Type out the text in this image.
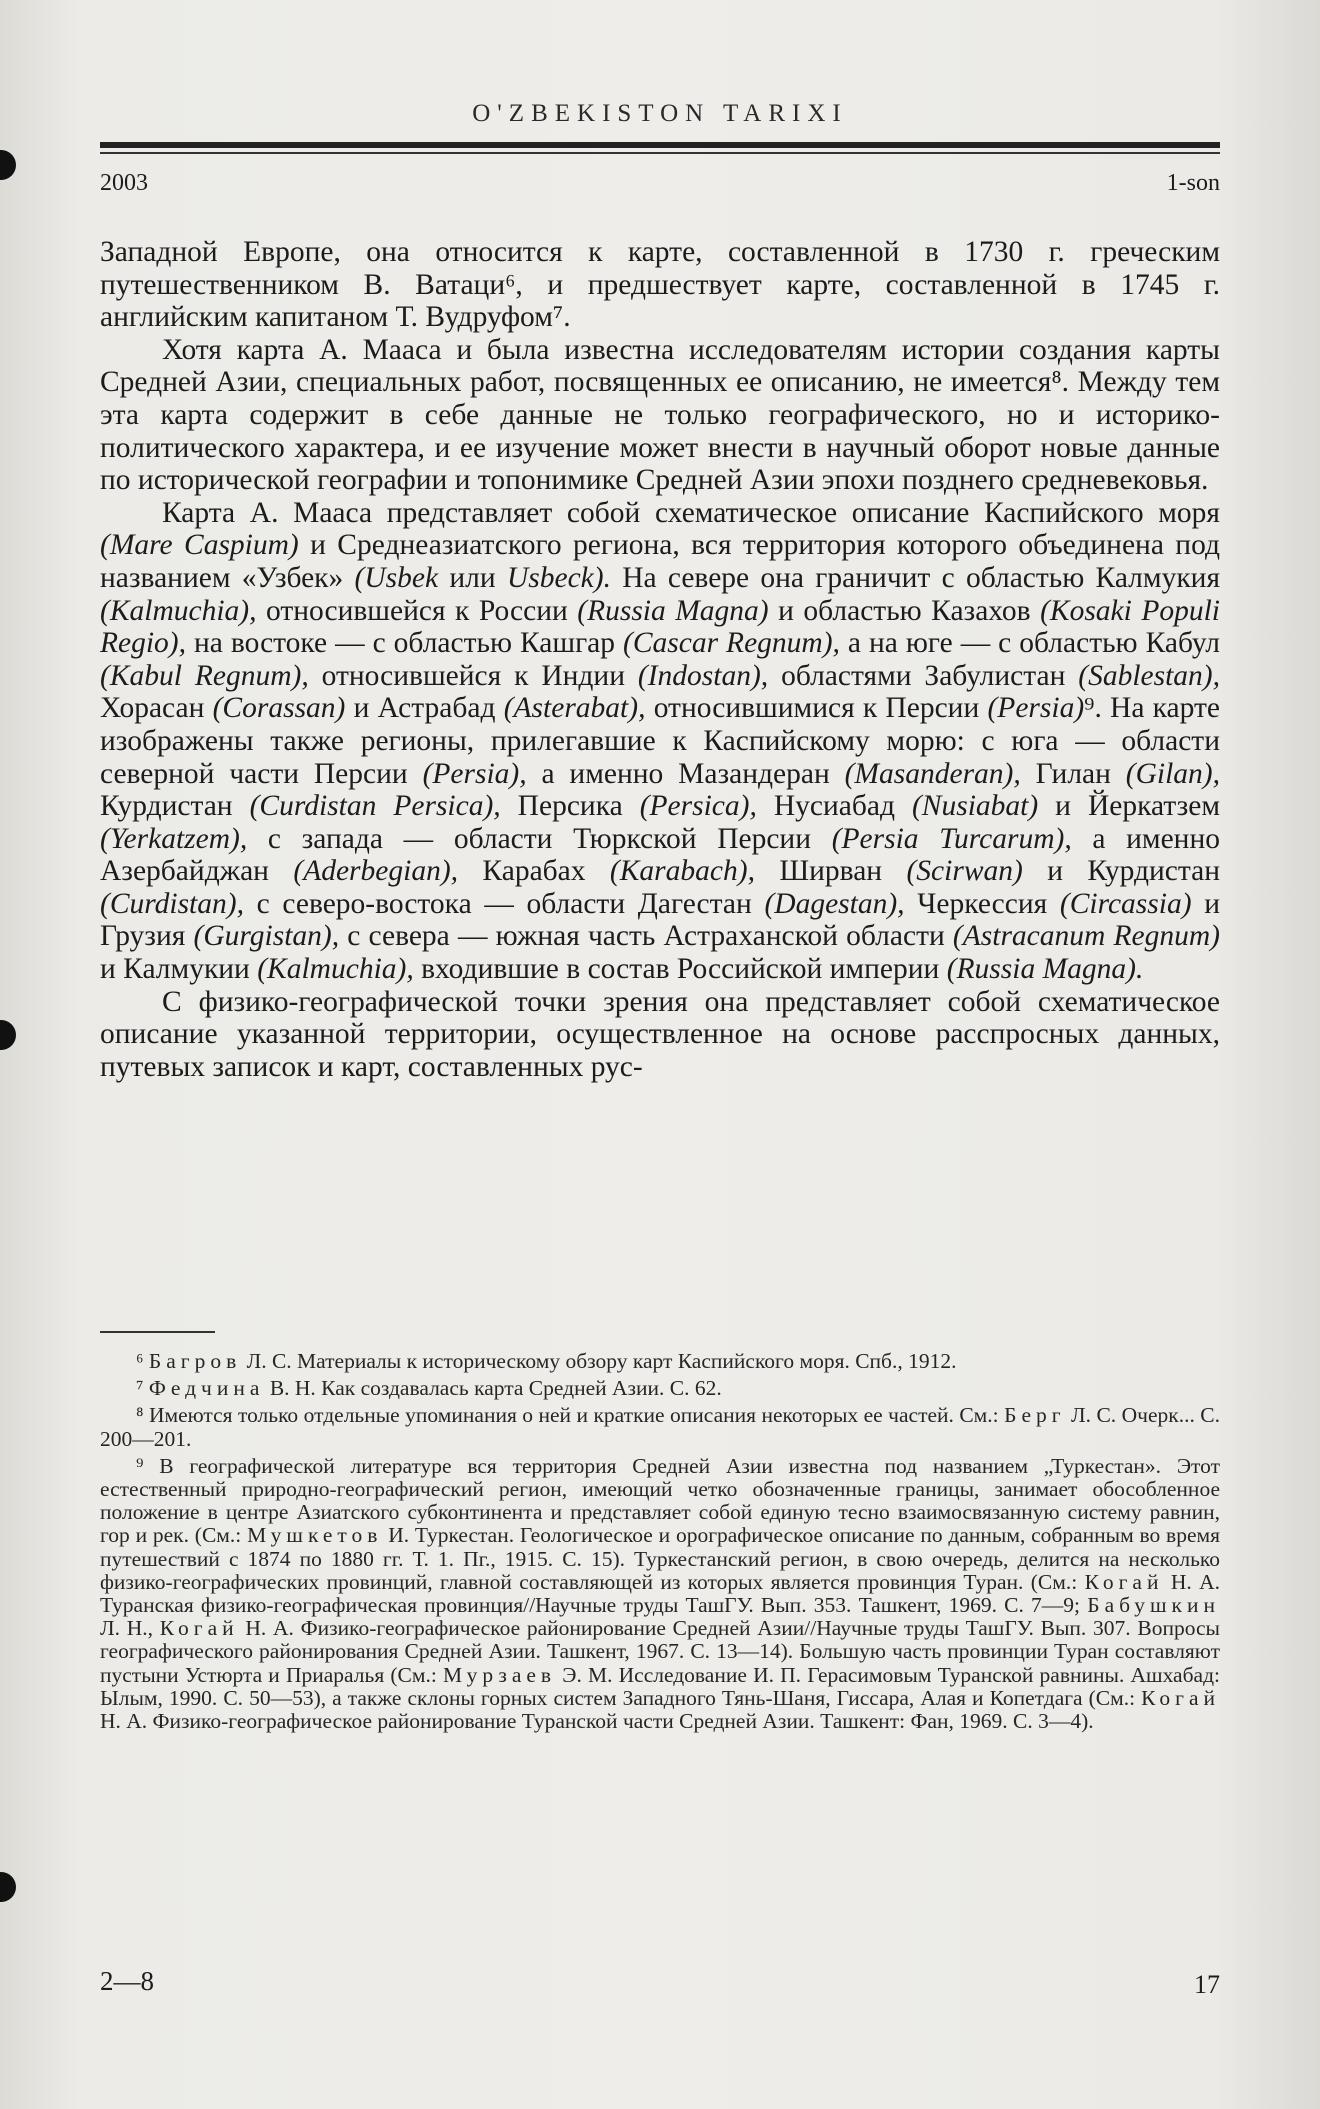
O'ZBEKISTON TARIXI
2003	1-son

Западной Европе, она относится к карте, составленной в 1730 г. греческим путешественником В. Ватаци⁶, и предшествует карте, составленной в 1745 г. английским капитаном Т. Вудруфом⁷.

Хотя карта А. Мааса и была известна исследователям истории создания карты Средней Азии, специальных работ, посвященных ее описанию, не имеется⁸. Между тем эта карта содержит в себе данные не только географического, но и историко-политического характера, и ее изучение может внести в научный оборот новые данные по исторической географии и топонимике Средней Азии эпохи позднего средневековья.

Карта А. Мааса представляет собой схематическое описание Каспийского моря (Mare Caspium) и Среднеазиатского региона, вся территория которого объединена под названием «Узбек» (Usbek или Usbeck). На севере она граничит с областью Калмукия (Kalmuchia), относившейся к России (Russia Magna) и областью Казахов (Kosaki Populi Regio), на востоке — с областью Кашгар (Cascar Regnum), а на юге — с областью Кабул (Kabul Regnum), относившейся к Индии (Indostan), областями Забулистан (Sablestan), Хорасан (Corassan) и Астрабад (Asterabat), относившимися к Персии (Persia)⁹. На карте изображены также регионы, прилегавшие к Каспийскому морю: с юга — области северной части Персии (Persia), а именно Мазандеран (Masanderan), Гилан (Gilan), Курдистан (Curdistan Persica), Персика (Persica), Нусиабад (Nusiabat) и Йеркатзем (Yerkatzem), с запада — области Тюркской Персии (Persia Turcarum), а именно Азербайджан (Aderbegian), Карабах (Karabach), Ширван (Scirwan) и Курдистан (Curdistan), с северо-востока — области Дагестан (Dagestan), Черкессия (Circassia) и Грузия (Gurgistan), с севера — южная часть Астраханской области (Astracanum Regnum) и Калмукии (Kalmuchia), входившие в состав Российской империи (Russia Magna).

С физико-географической точки зрения она представляет собой схематическое описание указанной территории, осуществленное на основе расспросных данных, путевых записок и карт, составленных рус-

⁶ Багров Л. С. Материалы к историческому обзору карт Каспийского моря. Спб., 1912.

⁷ Федчина В. Н. Как создавалась карта Средней Азии. С. 62.

⁸ Имеются только отдельные упоминания о ней и краткие описания некоторых ее частей. См.: Берг Л. С. Очерк... С. 200—201.

⁹ В географической литературе вся территория Средней Азии известна под названием „Туркестан». Этот естественный природно-географический регион, имеющий четко обозначенные границы, занимает обособленное положение в центре Азиатского субконтинента и представляет собой единую тесно взаимосвязанную систему равнин, гор и рек. (См.: Мушкетов И. Туркестан. Геологическое и орографическое описание по данным, собранным во время путешествий с 1874 по 1880 гг. Т. 1. Пг., 1915. С. 15). Туркестанский регион, в свою очередь, делится на несколько физико-географических провинций, главной составляющей из которых является провинция Туран. (См.: Когай Н. А. Туранская физико-географическая провинция//Научные труды ТашГУ. Вып. 353. Ташкент, 1969. С. 7—9; Бабушкин Л. Н., Когай Н. А. Физико-географическое районирование Средней Азии//Научные труды ТашГУ. Вып. 307. Вопросы географического районирования Средней Азии. Ташкент, 1967. С. 13—14). Большую часть провинции Туран составляют пустыни Устюрта и Приаралья (См.: Мурзаев Э. М. Исследование И. П. Герасимовым Туранской равнины. Ашхабад: Ылым, 1990. С. 50—53), а также склоны горных систем Западного Тянь-Шаня, Гиссара, Алая и Копетдага (См.: Когай Н. А. Физико-географическое районирование Туранской части Средней Азии. Ташкент: Фан, 1969. С. 3—4).

2—8	17
